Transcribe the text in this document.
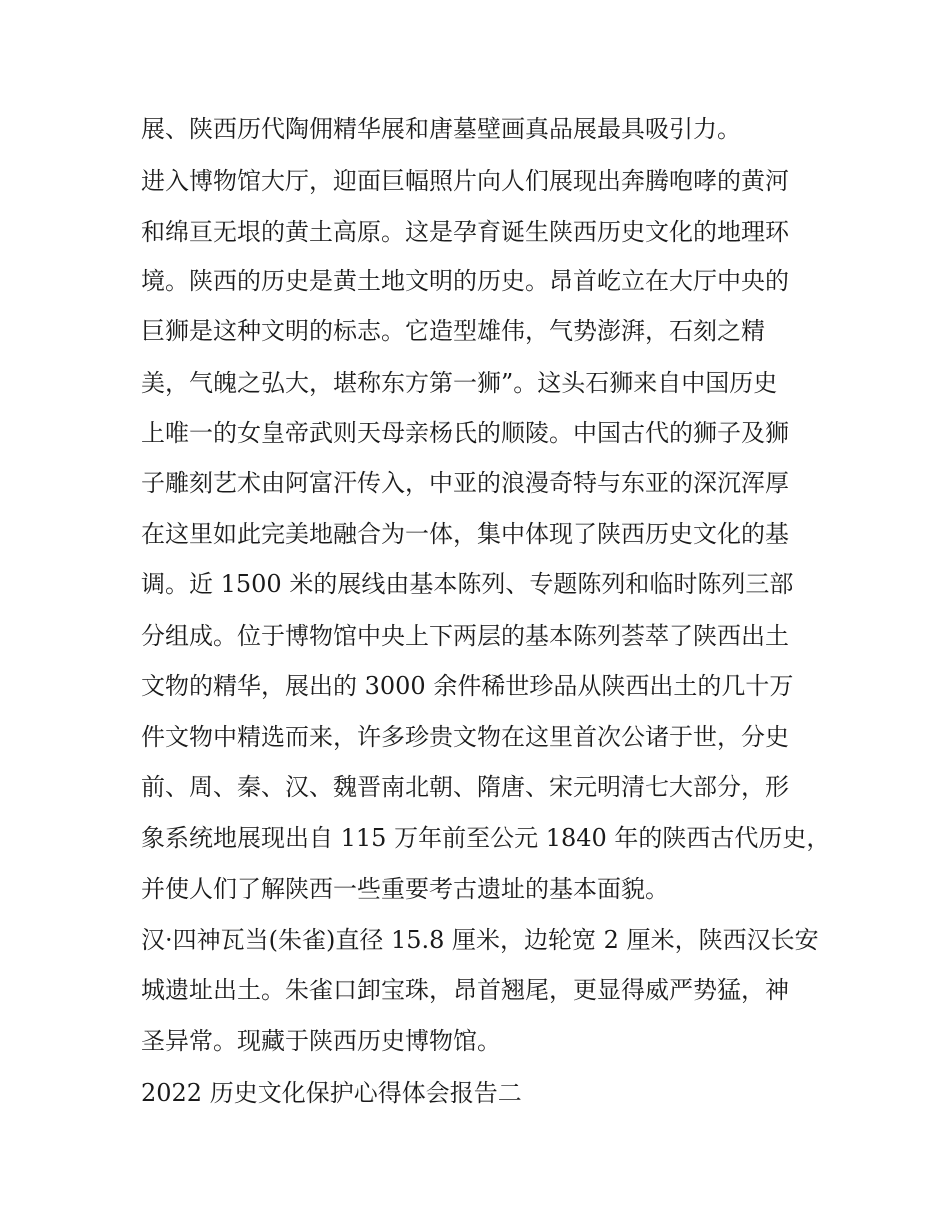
展、陕西历代陶佣精华展和唐墓壁画真品展最具吸引力。
进入博物馆大厅，迎面巨幅照片向人们展现出奔腾咆哮的黄河
和绵亘无垠的黄土高原。这是孕育诞生陕西历史文化的地理环
境。陕西的历史是黄土地文明的历史。昂首屹立在大厅中央的
巨狮是这种文明的标志。它造型雄伟，气势澎湃，石刻之精
美，气魄之弘大，堪称东方第一狮”。这头石狮来自中国历史
上唯一的女皇帝武则天母亲杨氏的顺陵。中国古代的狮子及狮
子雕刻艺术由阿富汗传入，中亚的浪漫奇特与东亚的深沉浑厚
在这里如此完美地融合为一体，集中体现了陕西历史文化的基
调。近 1500 米的展线由基本陈列、专题陈列和临时陈列三部
分组成。位于博物馆中央上下两层的基本陈列荟萃了陕西出土
文物的精华，展出的 3000 余件稀世珍品从陕西出土的几十万
件文物中精选而来，许多珍贵文物在这里首次公诸于世，分史
前、周、秦、汉、魏晋南北朝、隋唐、宋元明清七大部分，形
象系统地展现出自 115 万年前至公元 1840 年的陕西古代历史，
并使人们了解陕西一些重要考古遗址的基本面貌。
汉·四神瓦当(朱雀)直径 15.8 厘米，边轮宽 2 厘米，陕西汉长安
城遗址出土。朱雀口卸宝珠，昂首翘尾，更显得威严势猛，神
圣异常。现藏于陕西历史博物馆。
2022 历史文化保护心得体会报告二
